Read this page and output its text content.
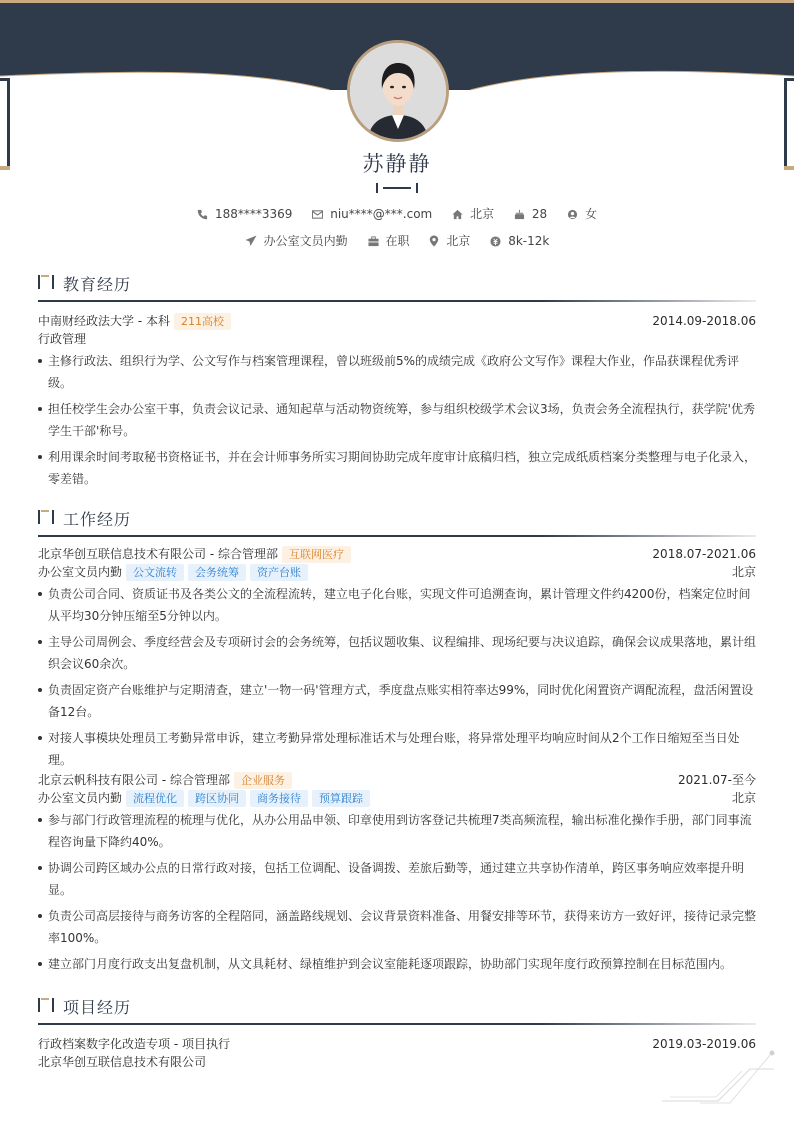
苏静静
188****3369	niu****@***.com	北京	28	女
办公室文员内勤	在职	北京	8k-12k
教育经历
中南财经政法大学 - 本科 211高校	2014.09-2018.06
行政管理
主修行政法、组织行为学、公文写作与档案管理课程，曾以班级前5%的成绩完成《政府公文写作》课程大作业，作品获课程优秀评级。
担任校学生会办公室干事，负责会议记录、通知起草与活动物资统筹，参与组织校级学术会议3场，负责会务全流程执行，获学院'优秀学生干部'称号。
利用课余时间考取秘书资格证书，并在会计师事务所实习期间协助完成年度审计底稿归档，独立完成纸质档案分类整理与电子化录入，零差错。
工作经历
北京华创互联信息技术有限公司 - 综合管理部 互联网医疗	2018.07-2021.06
办公室文员内勤 公文流转 会务统筹 资产台账	北京
负责公司合同、资质证书及各类公文的全流程流转，建立电子化台账，实现文件可追溯查询，累计管理文件约4200份，档案定位时间从平均30分钟压缩至5分钟以内。
主导公司周例会、季度经营会及专项研讨会的会务统筹，包括议题收集、议程编排、现场纪要与决议追踪，确保会议成果落地，累计组织会议60余次。
负责固定资产台账维护与定期清查，建立'一物一码'管理方式，季度盘点账实相符率达99%，同时优化闲置资产调配流程，盘活闲置设备12台。
对接人事模块处理员工考勤异常申诉，建立考勤异常处理标准话术与处理台账，将异常处理平均响应时间从2个工作日缩短至当日处理。
北京云帆科技有限公司 - 综合管理部 企业服务	2021.07-至今
办公室文员内勤 流程优化 跨区协同 商务接待 预算跟踪	北京
参与部门行政管理流程的梳理与优化，从办公用品申领、印章使用到访客登记共梳理7类高频流程，输出标准化操作手册，部门同事流程咨询量下降约40%。
协调公司跨区域办公点的日常行政对接，包括工位调配、设备调拨、差旅后勤等，通过建立共享协作清单，跨区事务响应效率提升明显。
负责公司高层接待与商务访客的全程陪同，涵盖路线规划、会议背景资料准备、用餐安排等环节，获得来访方一致好评，接待记录完整率100%。
建立部门月度行政支出复盘机制，从文具耗材、绿植维护到会议室能耗逐项跟踪，协助部门实现年度行政预算控制在目标范围内。
项目经历
行政档案数字化改造专项 - 项目执行	2019.03-2019.06
北京华创互联信息技术有限公司
